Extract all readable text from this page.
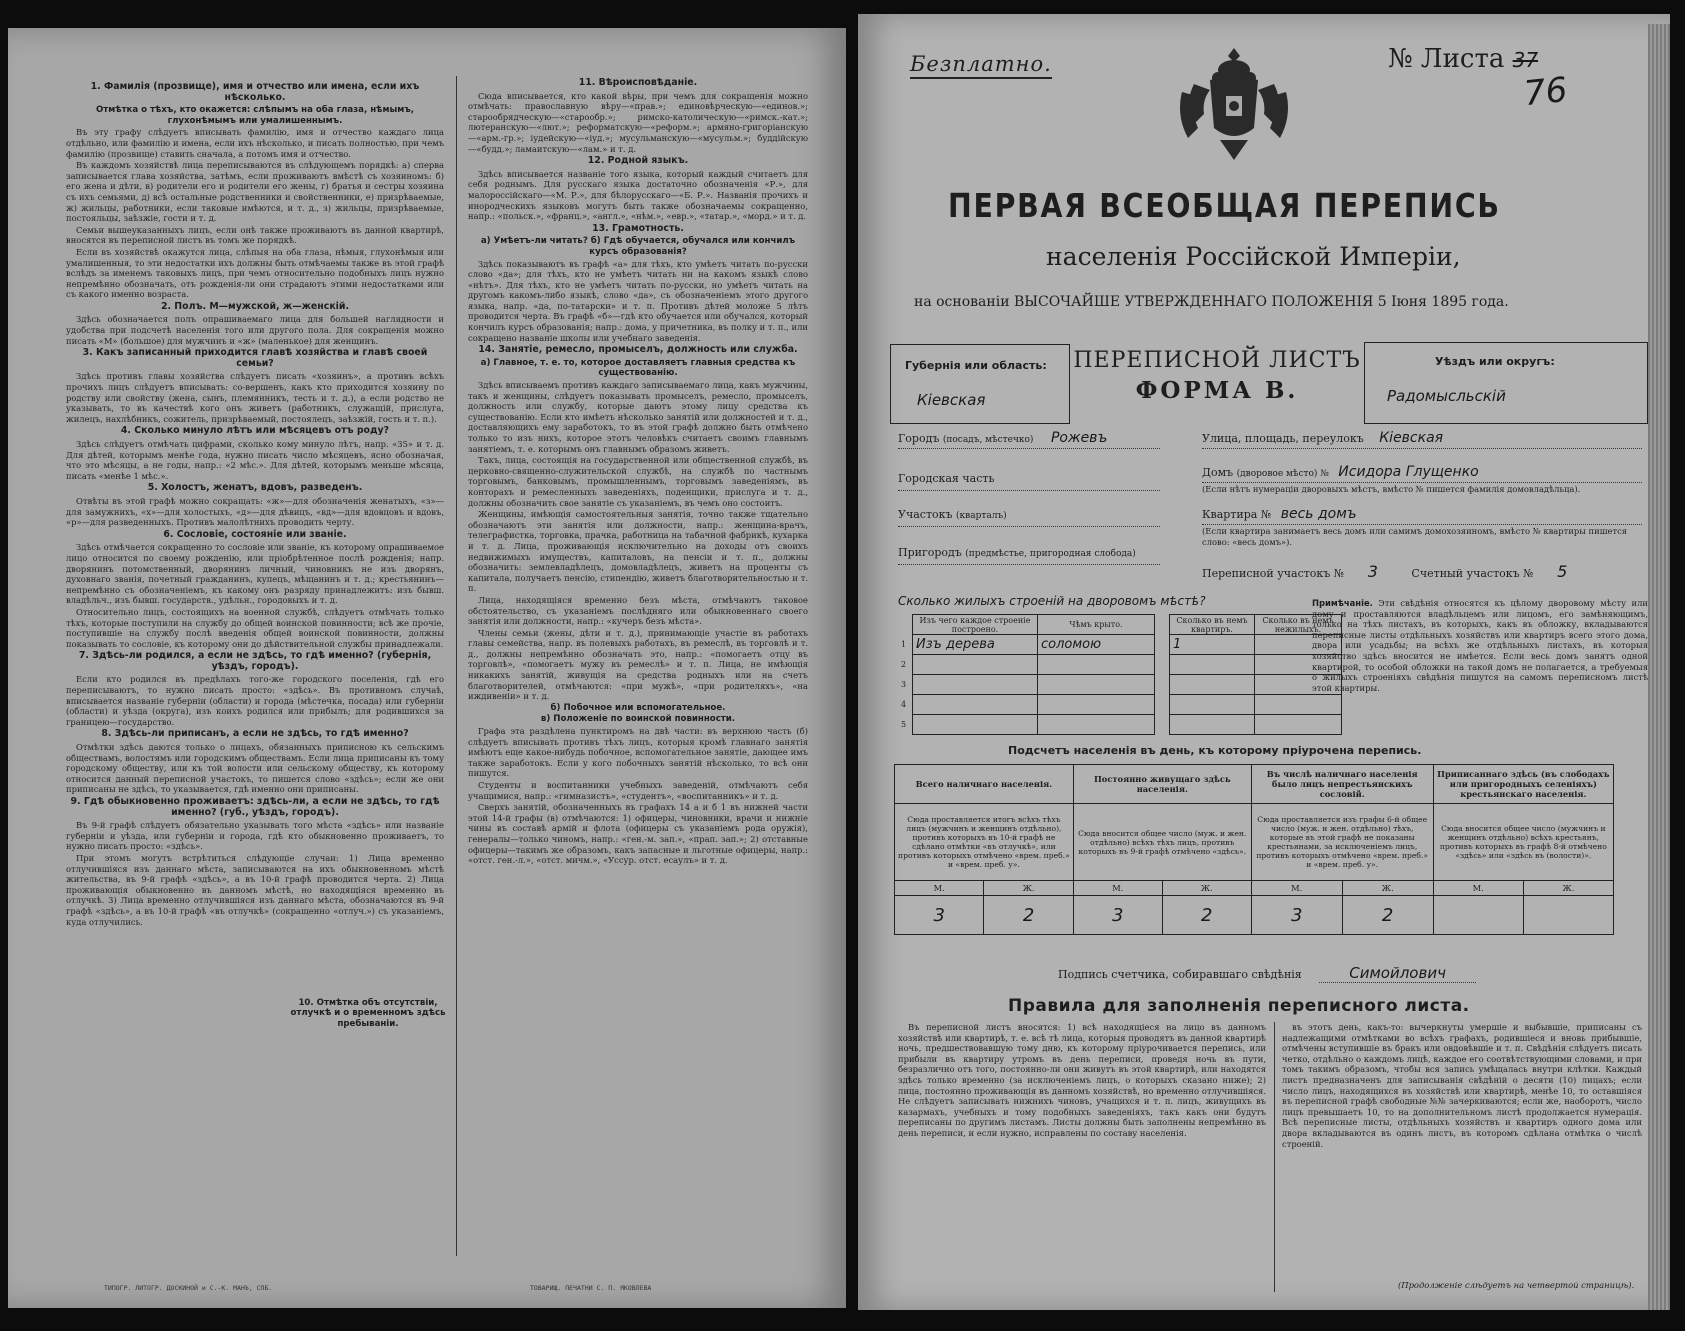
1. Фамилія (прозвище), имя и отчество или имена, если ихъ нѣсколько.

Отмѣтка о тѣхъ, кто окажется: слѣпымъ на оба глаза, нѣмымъ, глухонѣмымъ или умалишеннымъ.

Въ эту графу слѣдуетъ вписывать фамилію, имя и отчество каждаго лица отдѣльно, или фамилію и имена, если ихъ нѣсколько, и писать полностью, при чемъ фамилію (прозвище) ставить сначала, а потомъ имя и отчество.

Въ каждомъ хозяйствѣ лица переписываются въ слѣдующемъ порядкѣ: а) сперва записывается глава хозяйства, затѣмъ, если проживаютъ вмѣстѣ съ хозяиномъ: б) его жена и дѣти, в) родители его и родители его жены, г) братья и сестры хозяина съ ихъ семьями, д) всѣ остальные родственники и свойственники, е) призрѣваемые, ж) жильцы, работники, если таковые имѣются, и т. д., з) жильцы, призрѣваемые, постояльцы, заѣзжіе, гости и т. д.

Семьи вышеуказанныхъ лицъ, если онѣ также проживаютъ въ данной квартирѣ, вносятся въ переписной листъ въ томъ же порядкѣ.

Если въ хозяйствѣ окажутся лица, слѣпыя на оба глаза, нѣмыя, глухонѣмыя или умалишенныя, то эти недостатки ихъ должны быть отмѣчаемы также въ этой графѣ вслѣдъ за именемъ таковыхъ лицъ, при чемъ относительно подобныхъ лицъ нужно непремѣнно обозначать, отъ рожденія-ли они страдаютъ этими недостатками или съ какого именно возраста.

2. Полъ. М—мужской, ж—женскій.

Здѣсь обозначается полъ опрашиваемаго лица для большей наглядности и удобства при подсчетѣ населенія того или другого пола. Для сокращенія можно писать «М» (большое) для мужчинъ и «ж» (маленькое) для женщинъ.

3. Какъ записанный приходится главѣ хозяйства и главѣ своей семьи?

Здѣсь противъ главы хозяйства слѣдуетъ писать «хозяинъ», а противъ всѣхъ прочихъ лицъ слѣдуетъ вписывать: со-вершенъ, какъ кто приходится хозяину по родству или свойству (жена, сынъ, племянникъ, тесть и т. д.), а если родство не указывать, то въ качествѣ кого онъ живетъ (работникъ, служащій, прислуга, жилецъ, нахлѣбникъ, сожитель, призрѣваемый, постоялецъ, заѣзжій, гость и т. п.).

4. Сколько минуло лѣтъ или мѣсяцевъ отъ роду?

Здѣсь слѣдуетъ отмѣчать цифрами, сколько кому минуло лѣтъ, напр. «35» и т. д. Для дѣтей, которымъ менѣе года, нужно писать число мѣсяцевъ, ясно обозначая, что это мѣсяцы, а не годы, напр.: «2 мѣс.». Для дѣтей, которымъ меньше мѣсяца, писать «менѣе 1 мѣс.».

5. Холостъ, женатъ, вдовъ, разведенъ.

Отвѣты въ этой графѣ можно сокращать: «ж»—для обозначенія женатыхъ, «з»—для замужнихъ, «х»—для холостыхъ, «д»—для дѣвицъ, «вд»—для вдовцовъ и вдовъ, «р»—для разведенныхъ. Противъ малолѣтнихъ проводить черту.

6. Сословіе, состояніе или званіе.

Здѣсь отмѣчается сокращенно то сословіе или званіе, къ которому опрашиваемое лицо относится по своему рожденію, или пріобрѣтенное послѣ рожденія; напр. дворянинъ потомственный, дворянинъ личный, чиновникъ не изъ дворянъ, духовнаго званія, почетный гражданинъ, купецъ, мѣщанинъ и т. д.; крестьянинъ—непремѣнно съ обозначеніемъ, къ какому онъ разряду принадлежитъ: изъ бывш. владѣльч., изъ бывш. государств., удѣльн., городовыхъ и т. д.

Относительно лицъ, состоящихъ на военной службѣ, слѣдуетъ отмѣчать только тѣхъ, которые поступили на службу до общей воинской повинности; всѣ же прочіе, поступившіе на службу послѣ введенія общей воинской повинности, должны показывать то сословіе, къ которому они до дѣйствительной службы принадлежали.

7. Здѣсь-ли родился, а если не здѣсь, то гдѣ именно? (губернія, уѣздъ, городъ).

Если кто родился въ предѣлахъ того-же городского поселенія, гдѣ его переписываютъ, то нужно писать просто: «здѣсь». Въ противномъ случаѣ, вписывается названіе губерніи (области) и города (мѣстечка, посада) или губерніи (области) и уѣзда (округа), изъ коихъ родился или прибылъ; для родившихся за границею—государство.

8. Здѣсь-ли приписанъ, а если не здѣсь, то гдѣ именно?

Отмѣтки здѣсь даются только о лицахъ, обязанныхъ приписною къ сельскимъ обществамъ, волостямъ или городскимъ обществамъ. Если лица приписаны къ тому городскому обществу, или къ той волости или сельскому обществу, къ которому относится данный переписной участокъ, то пишется слово «здѣсь»; если же они приписаны не здѣсь, то указывается, гдѣ именно они приписаны.

9. Гдѣ обыкновенно проживаетъ: здѣсь-ли, а если не здѣсь, то гдѣ именно? (губ., уѣздъ, городъ).

Въ 9-й графѣ слѣдуетъ обязательно указывать того мѣста «здѣсь» или названіе губерніи и уѣзда, или губерніи и города, гдѣ кто обыкновенно проживаетъ, то нужно писать просто: «здѣсь».

При этомъ могутъ встрѣтиться слѣдующіе случаи: 1) Лица временно отлучившіяся изъ даннаго мѣста, записываются на ихъ обыкновенномъ мѣстѣ жительства, въ 9-й графѣ «здѣсь», а въ 10-й графѣ проводится черта. 2) Лица проживающія обыкновенно въ данномъ мѣстѣ, но находящіяся временно въ отлучкѣ. 3) Лица временно отлучившіяся изъ даннаго мѣста, обозначаются въ 9-й графѣ «здѣсь», а въ 10-й графѣ «въ отлучкѣ» (сокращенно «отлуч.») съ указаніемъ, куда отлучились.

11. Вѣроисповѣданіе.

Сюда вписывается, кто какой вѣры, при чемъ для сокращенія можно отмѣчать: православную вѣру—«прав.»; единовѣрческую—«единов.»; старообрядческую—«старообр.»; римско-католическую—«римск.-кат.»; лютеранскую—«лют.»; реформатскую—«реформ.»; армяно-григоріанскую—«арм.-гр.»; іудейскую—«іуд.»; мусульманскую—«мусульм.»; буддійскую—«будд.»; ламаитскую—«лам.» и т. д.

12. Родной языкъ.

Здѣсь вписывается названіе того языка, который каждый считаетъ для себя роднымъ. Для русскаго языка достаточно обозначенія «Р.», для малороссійскаго—«М. Р.», для бѣлорусскаго—«Б. Р.». Названія прочихъ и инородческихъ языковъ могутъ быть также обозначаемы сокращенно, напр.: «польск.», «франц.», «англ.», «нѣм.», «евр.», «татар.», «морд.» и т. д.

13. Грамотность.

а) Умѣетъ-ли читать? б) Гдѣ обучается, обучался или кончилъ курсъ образованія?

Здѣсь показываютъ въ графѣ «а» для тѣхъ, кто умѣетъ читать по-русски слово «да»; для тѣхъ, кто не умѣетъ читать ни на какомъ языкѣ слово «нѣтъ». Для тѣхъ, кто не умѣетъ читать по-русски, но умѣетъ читать на другомъ какомъ-либо языкѣ, слово «да», съ обозначеніемъ этого другого языка, напр. «да, по-татарски» и т. п. Противъ дѣтей моложе 5 лѣтъ проводится черта. Въ графѣ «б»—гдѣ кто обучается или обучался, который кончилъ курсъ образованія; напр.: дома, у причетника, въ полку и т. п., или сокращено названіе школы или учебнаго заведенія.

14. Занятіе, ремесло, промыселъ, должность или служба.

а) Главное, т. е. то, которое доставляетъ главныя средства къ существованію.

Здѣсь вписываемъ противъ каждаго записываемаго лица, какъ мужчины, такъ и женщины, слѣдуетъ показывать промыселъ, ремесло, промыселъ, должность или службу, которые даютъ этому лицу средства къ существованію. Если кто имѣетъ нѣсколько занятій или должностей и т. д., доставляющихъ ему заработокъ, то въ этой графѣ должно быть отмѣчено только то изъ нихъ, которое этотъ человѣкъ считаетъ своимъ главнымъ занятіемъ, т. е. которымъ онъ главнымъ образомъ живетъ.

Такъ, лица, состоящія на государственной или общественной службѣ, въ церковно-священно-служительской службѣ, на службѣ по частнымъ торговымъ, банковымъ, промышленнымъ, торговымъ заведеніямъ, въ конторахъ и ремесленныхъ заведеніяхъ, поденщики, прислуга и т. д., должны обозначить свое занятіе съ указаніемъ, въ чемъ оно состоитъ.

Женщины, имѣющія самостоятельныя занятія, точно также тщательно обозначаютъ эти занятія или должности, напр.: женщина-врачъ, телеграфистка, торговка, прачка, работница на табачной фабрикѣ, кухарка и т. д. Лица, проживающія исключительно на доходы отъ своихъ недвижимыхъ имуществъ, капиталовъ, на пенсіи и т. п., должны обозначить: землевладѣлецъ, домовладѣлецъ, живетъ на проценты съ капитала, получаетъ пенсію, стипендію, живетъ благотворительностью и т. п.

Лица, находящіяся временно безъ мѣста, отмѣчаютъ таковое обстоятельство, съ указаніемъ послѣдняго или обыкновеннаго своего занятія или должности, напр.: «кучеръ безъ мѣста».

Члены семьи (жены, дѣти и т. д.), принимающіе участіе въ работахъ главы семейства, напр. въ полевыхъ работахъ, въ ремеслѣ, въ торговлѣ и т. д., должны непремѣнно обозначать это, напр.: «помогаетъ отцу въ торговлѣ», «помогаетъ мужу въ ремеслѣ» и т. п. Лица, не имѣющія никакихъ занятій, живущія на средства родныхъ или на счетъ благотворителей, отмѣчаются: «при мужѣ», «при родителяхъ», «на иждивеніи» и т. д.

б) Побочное или вспомогательное.

в) Положеніе по воинской повинности.

Графа эта раздѣлена пунктиромъ на двѣ части: въ верхнюю часть (б) слѣдуетъ вписывать противъ тѣхъ лицъ, которыя кромѣ главнаго занятія имѣютъ еще какое-нибудь побочное, вспомогательное занятіе, дающее имъ также заработокъ. Если у кого побочныхъ занятій нѣсколько, то всѣ они пишутся.

Студенты и воспитанники учебныхъ заведеній, отмѣчаютъ себя учащимися, напр.: «гимназистъ», «студентъ», «воспитанникъ» и т. д.

Сверхъ занятій, обозначенныхъ въ графахъ 14 а и б 1 въ нижней части этой 14-й графы (в) отмѣчаются: 1) офицеры, чиновники, врачи и нижніе чины въ составѣ армій и флота (офицеры съ указаніемъ рода оружія), генералы—только чиномъ, напр.: «ген.-м. зап.», «прап. зап.»; 2) отставные офицеры—такимъ же образомъ, какъ запасные и льготные офицеры, напр.: «отст. ген.-л.», «отст. мичм.», «Уссур. отст. есаулъ» и т. д.

10. Отмѣтка объ отсутствіи, отлучкѣ и о временномъ здѣсь пребываніи.
ТИПОГР. ЛИТОГР. ДОСКИНОЙ и С.-К. МАНЪ, СПБ.	ТОВАРИЩ. ПЕЧАТНИ С. П. ЯКОВЛЕВА
Безплатно.	№ Листа 37
76
ПЕРВАЯ ВСЕОБЩАЯ ПЕРЕПИСЬ
населенія Россійской Имперіи,
на основаніи ВЫСОЧАЙШЕ УТВЕРЖДЕННАГО ПОЛОЖЕНІЯ 5 Іюня 1895 года.
Губернія или область:
Кіевская
ПЕРЕПИСНОЙ ЛИСТЪ
ФОРМА В.
Уѣздъ или округъ:
Радомысльскій
Городъ (посадъ, мѣстечко) Рожевъ	Улица, площадь, переулокъ Кіевская
Городская часть	Домъ (дворовое мѣсто) № Исидора Глущенко
(Если нѣтъ нумераціи дворовыхъ мѣстъ, вмѣсто № пишется фамилія домовладѣльца).
Участокъ (кварталъ)	Квартира № весь домъ
(Если квартира занимаетъ весь домъ или самимъ домохозяиномъ, вмѣсто № квартиры пишется слово: «весь домъ»).
Пригородъ (предмѣстье, пригородная слобода)
Переписной участокъ № 3	Счетный участокъ № 5
Сколько жилыхъ строеній на дворовомъ мѣстѣ?
	Изъ чего каждое строеніе построено.	Чѣмъ крыто.		Сколько въ немъ квартиръ.	Сколько въ немъ нежилыхъ.
1	Изъ дерева	соломою		1	
2					
3					
4					
5					
Примѣчаніе. Эти свѣдѣнія относятся къ цѣлому дворовому мѣсту или дому и проставляются владѣльцемъ или лицомъ, его замѣняющимъ, только на тѣхъ листахъ, въ которыхъ, какъ въ обложку, вкладываются переписные листы отдѣльныхъ хозяйствъ или квартиръ всего этого дома, двора или усадьбы; на всѣхъ же отдѣльныхъ листахъ, въ которыя хозяйство здѣсь вносится не имѣется. Если весь домъ занятъ одной квартирой, то особой обложки на такой домъ не полагается, а требуемыя о жилыхъ строеніяхъ свѣдѣнія пишутся на самомъ переписномъ листѣ этой квартиры.
Подсчетъ населенія въ день, къ которому пріурочена перепись.
Всего наличнаго населенія.		Постоянно живущаго здѣсь населенія.		Въ числѣ наличнаго населенія было лицъ непрестьянскихъ сословій.		Приписаннаго здѣсь (въ слободахъ или пригородныхъ селеніяхъ) крестьянскаго населенія.	
Сюда проставляется итогъ всѣхъ тѣхъ лицъ (мужчинъ и женщинъ отдѣльно), противъ которыхъ въ 10-й графѣ не сдѣлано отмѣтки «въ отлучкѣ», или противъ которыхъ отмѣчено «врем. преб.» и «врем. преб. у».		Сюда вносится общее число (муж. и жен. отдѣльно) всѣхъ тѣхъ лицъ, противъ которыхъ въ 9-й графѣ отмѣчено «здѣсь».		Сюда проставляется изъ графы 6-й общее число (муж. и жен. отдѣльно) тѣхъ, которые въ этой графѣ не показаны крестьянами, за исключеніемъ лицъ, противъ которыхъ отмѣчено «врем. преб.» и «врем. преб. у».		Сюда вносится общее число (мужчинъ и женщинъ отдѣльно) всѣхъ крестьянъ, противъ которыхъ въ графѣ 8-й отмѣчено «здѣсь» или «здѣсь въ (волости)».	
М.	Ж.	М.	Ж.	М.	Ж.	М.	Ж.
3	2	3	2	3	2		
Подпись счетчика, собиравшаго свѣдѣнія	Симойлович
Правила для заполненія переписного листа.

Въ переписной листъ вносятся: 1) всѣ находящіеся на лицо въ данномъ хозяйствѣ или квартирѣ, т. е. всѣ тѣ лица, которыя проводятъ въ данной квартирѣ ночь, предшествовавшую тому дню, къ которому пріурочивается перепись, или прибыли въ квартиру утромъ въ день переписи, проведя ночь въ пути, безразлично отъ того, постоянно-ли они живутъ въ этой квартирѣ, или находятся здѣсь только временно (за исключеніемъ лицъ, о которыхъ сказано ниже); 2) лица, постоянно проживающія въ данномъ хозяйствѣ, но временно отлучившіяся. Не слѣдуетъ записывать нижнихъ чиновъ, учащихся и т. п. лицъ, живущихъ въ казармахъ, учебныхъ и тому подобныхъ заведеніяхъ, такъ какъ они будутъ переписаны по другимъ листамъ. Листы должны быть заполнены непремѣнно въ день переписи, и если нужно, исправлены по составу населенія.

въ этотъ день, какъ-то: вычеркнуты умершіе и выбывшіе, приписаны съ надлежащими отмѣтками во всѣхъ графахъ, родившіеся и вновь прибывшіе, отмѣчены вступившіе въ бракъ или овдовѣвшіе и т. п. Свѣдѣнія слѣдуетъ писать четко, отдѣльно о каждомъ лицѣ, каждое его соотвѣтствующими словами, и при томъ такимъ образомъ, чтобы вся запись умѣщалась внутри клѣтки. Каждый листъ предназначенъ для записыванія свѣдѣній о десяти (10) лицахъ; если число лицъ, находящихся въ хозяйствѣ или квартирѣ, менѣе 10, то оставшіяся въ переписной графѣ свободные №№ зачеркиваются; если же, наоборотъ, число лицъ превышаетъ 10, то на дополнительномъ листѣ продолжается нумерація. Всѣ переписные листы, отдѣльныхъ хозяйствъ и квартиръ одного дома или двора вкладываются въ одинъ листъ, въ которомъ сдѣлана отмѣтка о числѣ строеній.

(Продолженіе слѣдуетъ на четвертой страницѣ).
